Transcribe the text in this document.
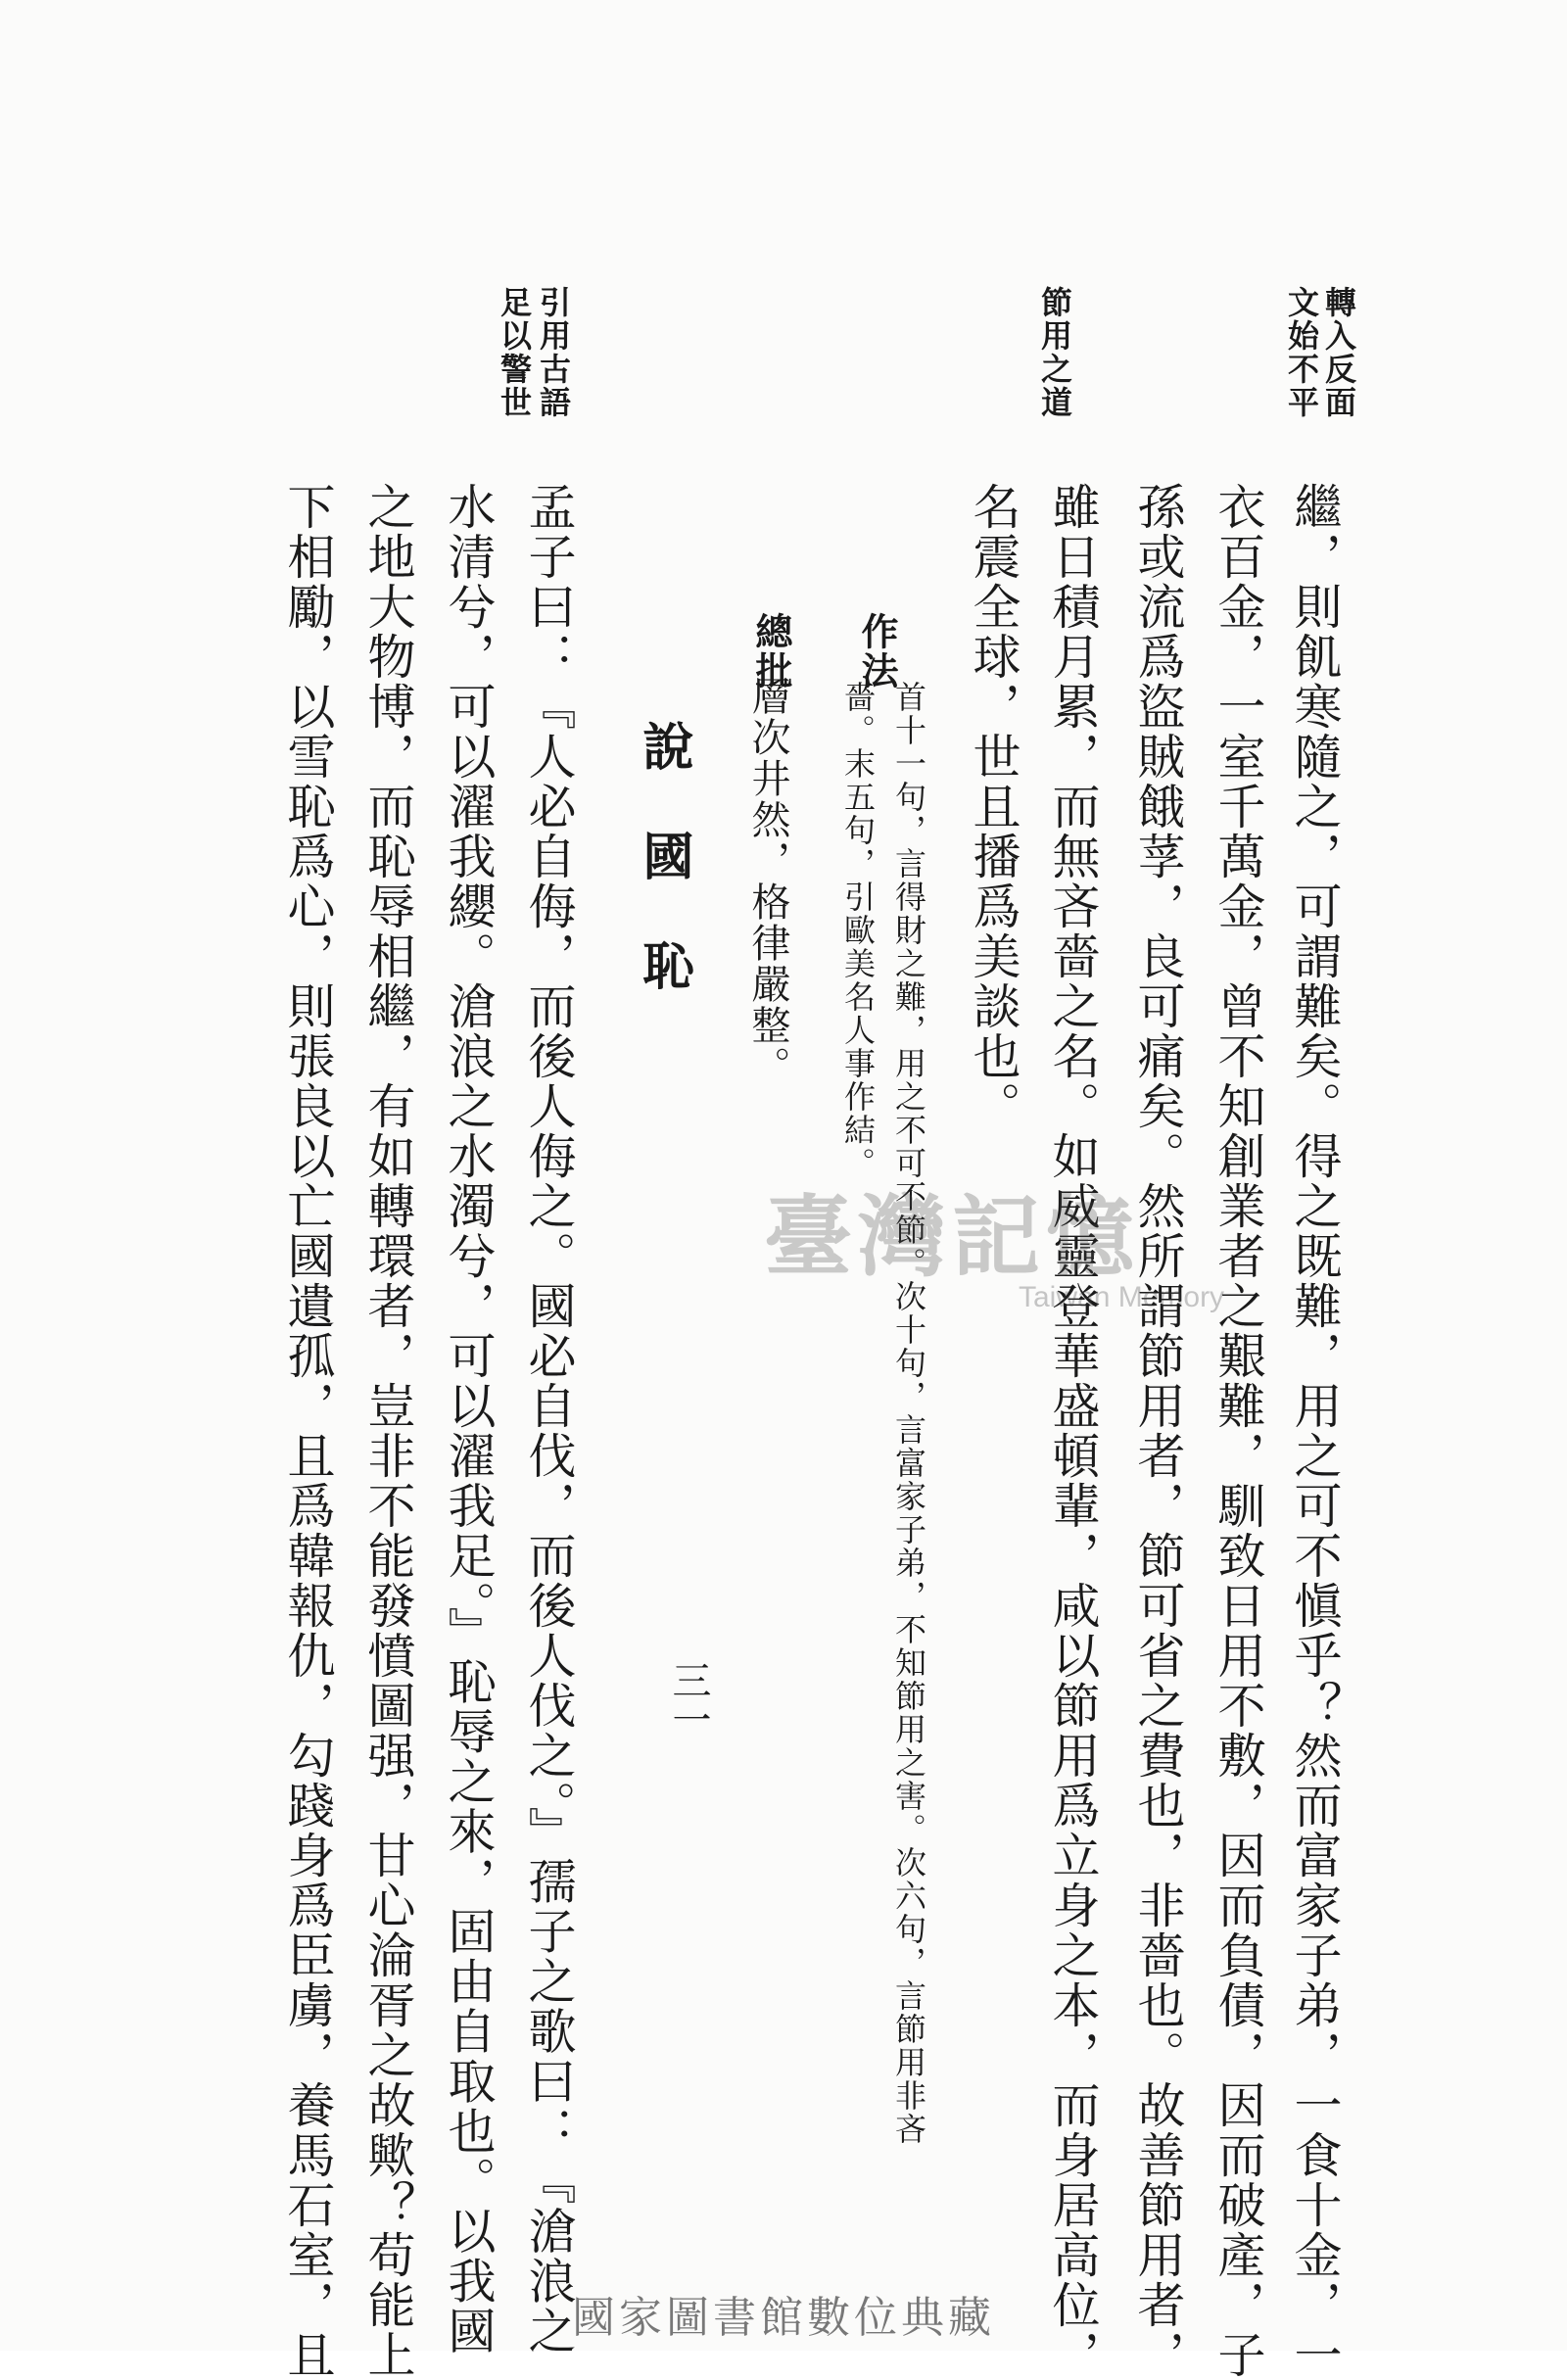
轉入反面
文始不平
節用之道
引用古語
足以警世
繼，則飢寒隨之，可謂難矣。得之既難，用之可不愼乎？然而富家子弟，一食十金，一
衣百金，一室千萬金，曾不知創業者之艱難，馴致日用不敷，因而負債，因而破產，子
孫或流爲盜賊餓莩，良可痛矣。然所謂節用者，節可省之費也，非嗇也。故善節用者，
雖日積月累，而無吝嗇之名。如威靈登華盛頓輩，咸以節用爲立身之本，而身居高位，
名震全球，世且播爲美談也。
作法
首十一句，言得財之難，用之不可不節。次十句，言富家子弟，不知節用之害。次六句，言節用非吝
嗇。末五句，引歐美名人事作結。
總批
層次井然，格律嚴整。
說國恥
孟子曰：『人必自侮，而後人侮之。國必自伐，而後人伐之。』孺子之歌曰：『滄浪之
水清兮，可以濯我纓。滄浪之水濁兮，可以濯我足。』恥辱之來，固由自取也。以我國
之地大物博，而恥辱相繼，有如轉環者，豈非不能發憤圖强，甘心淪胥之故歟？苟能上
下相勵，以雪恥爲心，則張良以亡國遺孤，且爲韓報仇，勾踐身爲臣虜，養馬石室，且	三一
臺灣記憶
Taiwan Memory
國家圖書館數位典藏
